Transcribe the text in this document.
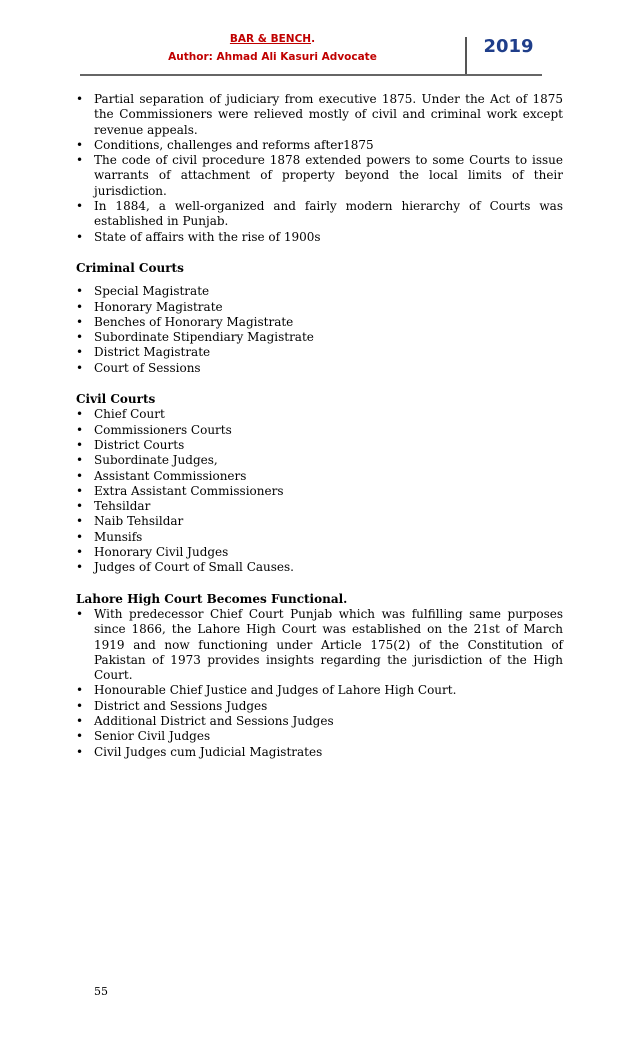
BAR & BENCH.
Author: Ahmad Ali Kasuri Advocate	2019
• Partial separation of judiciary from executive 1875. Under the Act of 1875 the Commissioners were relieved mostly of civil and criminal work except revenue appeals.
• Conditions, challenges and reforms after1875
• The code of civil procedure 1878 extended powers to some Courts to issue warrants of attachment of property beyond the local limits of their jurisdiction.
• In 1884, a well-organized and fairly modern hierarchy of Courts was established in Punjab.
• State of affairs with the rise of 1900s

Criminal Courts

• Special Magistrate
• Honorary Magistrate
• Benches of Honorary Magistrate
• Subordinate Stipendiary Magistrate
• District Magistrate
• Court of Sessions

Civil Courts

• Chief Court
• Commissioners Courts
• District Courts
• Subordinate Judges,
• Assistant Commissioners
• Extra Assistant Commissioners
• Tehsildar
• Naib Tehsildar
• Munsifs
• Honorary Civil Judges
• Judges of Court of Small Causes.

Lahore High Court Becomes Functional.

• With predecessor Chief Court Punjab which was fulfilling same purposes since 1866, the Lahore High Court was established on the 21st of March 1919 and now functioning under Article 175(2) of the Constitution of Pakistan of 1973 provides insights regarding the jurisdiction of the High Court.
• Honourable Chief Justice and Judges of Lahore High Court.
• District and Sessions Judges
• Additional District and Sessions Judges
• Senior Civil Judges
• Civil Judges cum Judicial Magistrates
55
